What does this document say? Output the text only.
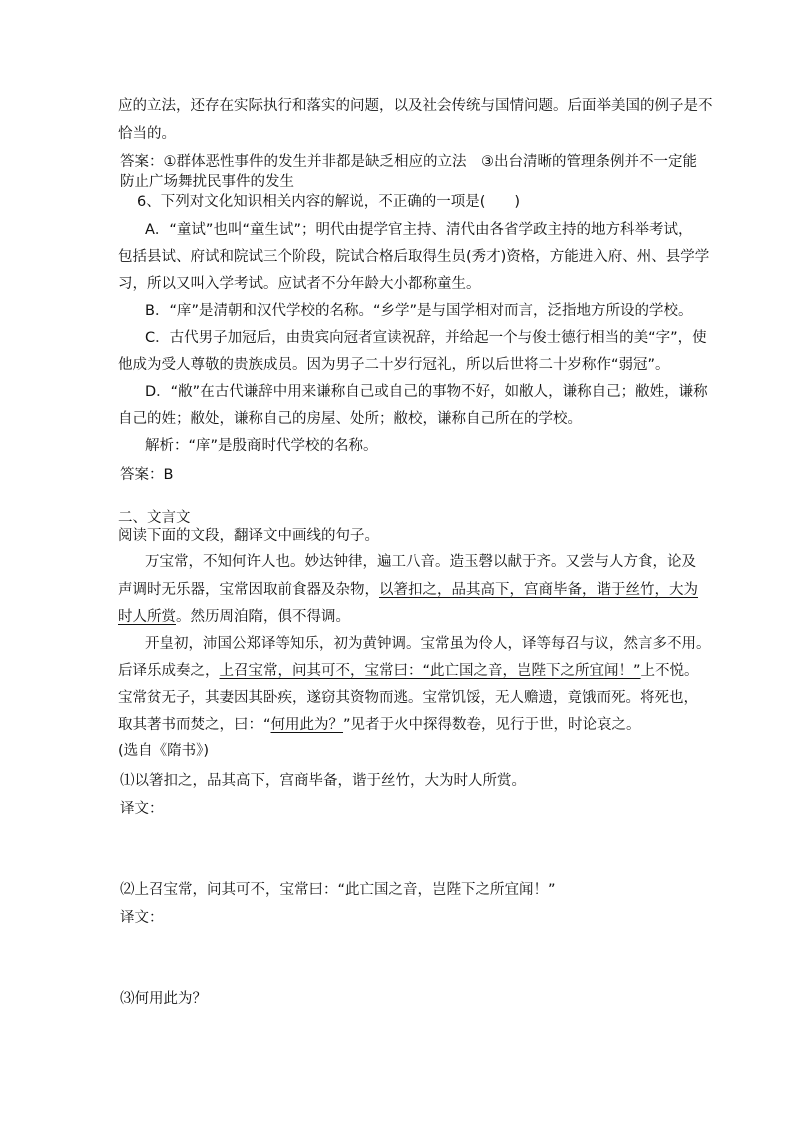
应的立法，还存在实际执行和落实的问题，以及社会传统与国情问题。后面举美国的例子是不
恰当的。
答案：①群体恶性事件的发生并非都是缺乏相应的立法　③出台清晰的管理条例并不一定能
防止广场舞扰民事件的发生
6、下列对文化知识相关内容的解说，不正确的一项是(　　)
A．“童试”也叫“童生试”；明代由提学官主持、清代由各省学政主持的地方科举考试，
包括县试、府试和院试三个阶段，院试合格后取得生员(秀才)资格，方能进入府、州、县学学
习，所以又叫入学考试。应试者不分年龄大小都称童生。
B．“庠”是清朝和汉代学校的名称。“乡学”是与国学相对而言，泛指地方所设的学校。
C．古代男子加冠后，由贵宾向冠者宣读祝辞，并给起一个与俊士德行相当的美“字”，使
他成为受人尊敬的贵族成员。因为男子二十岁行冠礼，所以后世将二十岁称作“弱冠”。
D．“敝”在古代谦辞中用来谦称自己或自己的事物不好，如敝人，谦称自己；敝姓，谦称
自己的姓；敝处，谦称自己的房屋、处所；敝校，谦称自己所在的学校。
解析：“庠”是殷商时代学校的名称。
答案：B
二、文言文
阅读下面的文段，翻译文中画线的句子。
万宝常，不知何许人也。妙达钟律，遍工八音。造玉磬以献于齐。又尝与人方食，论及
声调时无乐器，宝常因取前食器及杂物，以箸扣之，品其高下，宫商毕备，谐于丝竹，大为
时人所赏。然历周洎隋，俱不得调。
开皇初，沛国公郑译等知乐，初为黄钟调。宝常虽为伶人，译等每召与议，然言多不用。
后译乐成奏之，上召宝常，问其可不，宝常曰：“此亡国之音，岂陛下之所宜闻！”上不悦。
宝常贫无子，其妻因其卧疾，遂窃其资物而逃。宝常饥馁，无人赡遗，竟饿而死。将死也，
取其著书而焚之，曰：“何用此为？”见者于火中探得数卷，见行于世，时论哀之。
(选自《隋书》)
⑴以箸扣之，品其高下，宫商毕备，谐于丝竹，大为时人所赏。
译文：
⑵上召宝常，问其可不，宝常曰：“此亡国之音，岂陛下之所宜闻！”
译文：
⑶何用此为？
